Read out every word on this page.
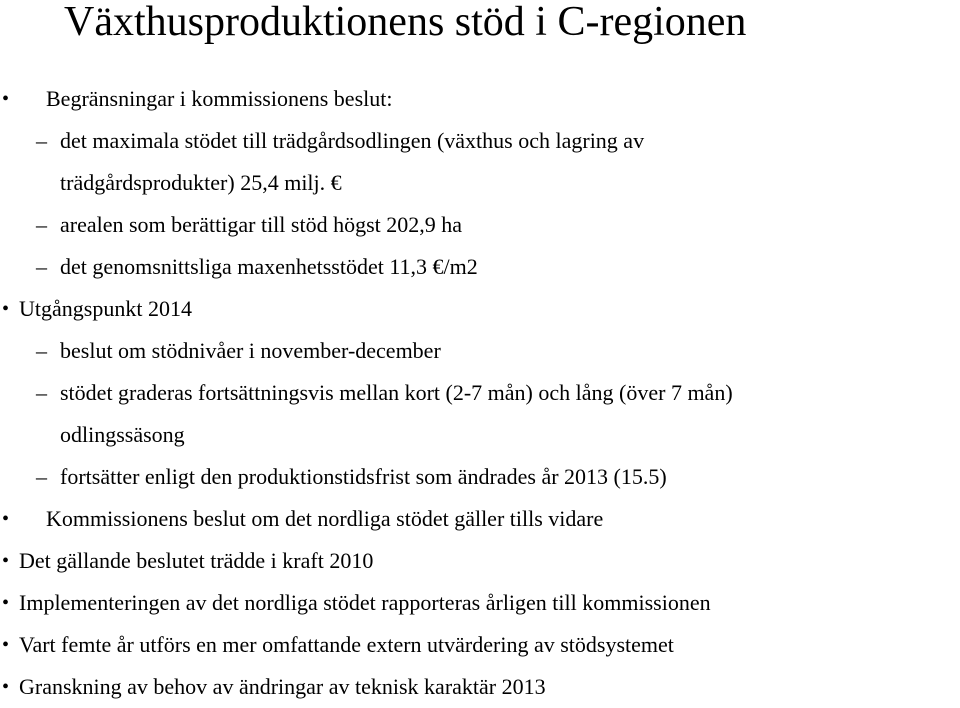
Växthusproduktionens stöd i C-regionen
• Begränsningar i kommissionens beslut:
– det maximala stödet till trädgårdsodlingen (växthus och lagring av
trädgårdsprodukter) 25,4 milj. €
– arealen som berättigar till stöd högst 202,9 ha
– det genomsnittsliga maxenhetsstödet 11,3 €/m2
• Utgångspunkt 2014
– beslut om stödnivåer i november-december
– stödet graderas fortsättningsvis mellan kort (2-7 mån) och lång (över 7 mån)
odlingssäsong
– fortsätter enligt den produktionstidsfrist som ändrades år 2013 (15.5)
• Kommissionens beslut om det nordliga stödet gäller tills vidare
• Det gällande beslutet trädde i kraft 2010
• Implementeringen av det nordliga stödet rapporteras årligen till kommissionen
• Vart femte år utförs en mer omfattande extern utvärdering av stödsystemet
• Granskning av behov av ändringar av teknisk karaktär 2013
